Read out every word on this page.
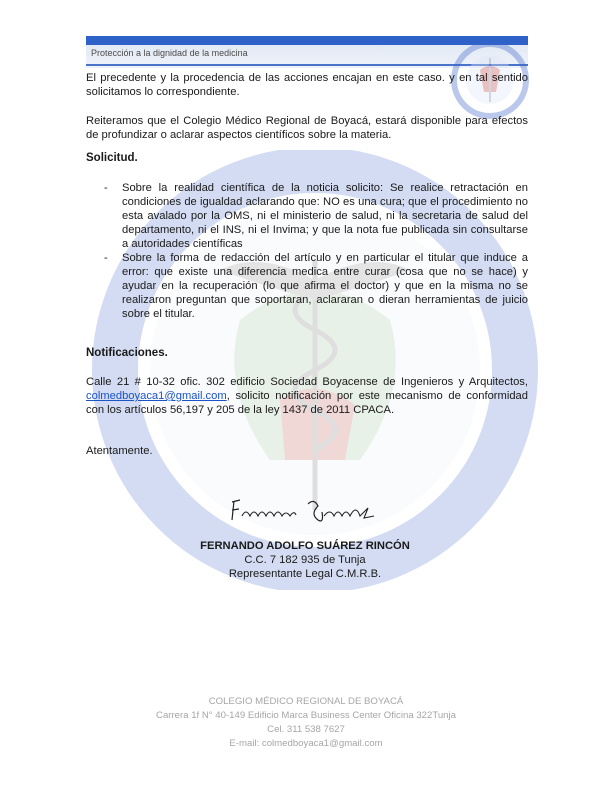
Protección a la dignidad de la medicina
El precedente y la procedencia de las acciones encajan en este caso. y en tal sentido solicitamos lo correspondiente.
Reiteramos que el Colegio Médico Regional de Boyacá, estará disponible para efectos de profundizar o aclarar aspectos científicos sobre la materia.
Solicitud.
- Sobre la realidad científica de la noticia solicito: Se realice retractación en condiciones de igualdad aclarando que: NO es una cura; que el procedimiento no esta avalado por la OMS, ni el ministerio de salud, ni la secretaria de salud del departamento, ni el INS, ni el Invima; y que la nota fue publicada sin consultarse a autoridades científicas
- Sobre la forma de redacción del artículo y en particular el titular que induce a error: que existe una diferencia medica entre curar (cosa que no se hace) y ayudar en la recuperación (lo que afirma el doctor) y que en la misma no se realizaron preguntan que soportaran, aclararan o dieran herramientas de juicio sobre el titular.
Notificaciones.
Calle 21 # 10-32 ofic. 302 edificio Sociedad Boyacense de Ingenieros y Arquitectos, colmedboyaca1@gmail.com, solicito notificación por este mecanismo de conformidad con los artículos 56,197 y 205 de la ley 1437 de 2011 CPACA.
Atentamente.
FERNANDO ADOLFO SUÁREZ RINCÓN
C.C. 7 182 935 de Tunja
Representante Legal C.M.R.B.
COLEGIO MÉDICO REGIONAL DE BOYACÁ
Carrera 1f N° 40-149 Edificio Marca Business Center Oficina 322Tunja
Cel. 311 538 7627
E-mail: colmedboyaca1@gmail.com
